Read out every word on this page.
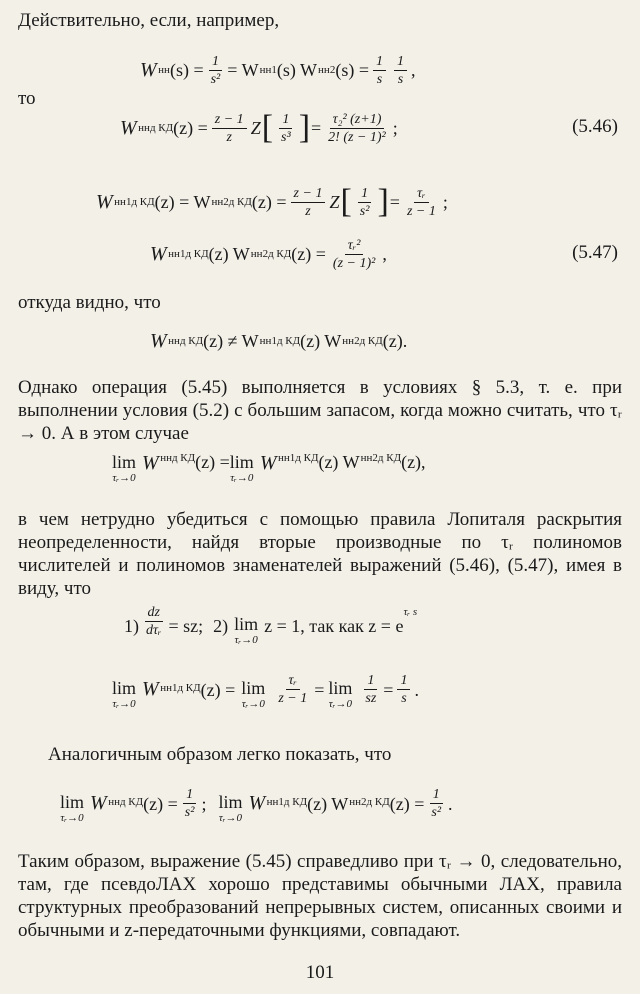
Действительно, если, например,
W нн $(s) = \frac{1}{\text{s²}} = W$ нн1 (s) W нн2 $(s) = \frac{1}{s} \frac{1}{s}$ ,
то
W ннд КД $(z) = \frac{z - 1}{z}$ Z [ $\frac{1}{\text{s³}}$ ] = $\frac{\text{τ₂² (z+1)}}{\text{2! (z − 1)²}}$ ;	(5.46)
W нн1д КД (z) = W нн2д КД $(z) = \frac{z - 1}{z}$ Z [ $\frac{1}{\text{s²}}$ ] = $\frac{\text{τᵣ}}{z - 1}$ ;
W нн1д КД (z) W нн2д КД $(z) = \frac{\text{τᵣ²}}{\text{(z − 1)²}}$ ,	(5.47)
откуда видно, что
W ннд КД (z) ≠ W нн1д КД (z) W нн2д КД (z).
Однако операция (5.45) выполняется в условиях § 5.3, т. е. при выполнении условия (5.2) с большим запасом, когда можно считать, что τᵣ → 0. А в этом случае
lim
τᵣ→0
W ннд КД (z) = lim
τᵣ→0
W нн1д КД (z) W нн2д КД (z),
в чем нетрудно убедиться с помощью правила Лопиталя раскрытия неопределенности, найдя вторые производные по τᵣ полиномов числителей и полиномов знаменателей выражений (5.46), (5.47), имея в виду, что
$1) \frac{dz}{\text{dτᵣ}}$ = sz; 2) lim
τᵣ→0
z = 1, так как z = e
τᵣ s
lim
τᵣ→0
W нн1д КД (z) = lim
τᵣ→0 $\frac{\text{τᵣ}}{z - 1} = \lim$
τᵣ→0 $\frac{1}{sz} = \frac{1}{s}$ .
Аналогичным образом легко показать, что
lim
τᵣ→0
W ннд КД $(z) = \frac{1}{\text{s²}}$ ; lim
τᵣ→0
W нн1д КД (z) W нн2д КД $(z) = \frac{1}{\text{s²}}$ .
Таким образом, выражение (5.45) справедливо при τᵣ → 0, следовательно, там, где псевдоЛАХ хорошо представимы обычными ЛАХ, правила структурных преобразований непрерывных систем, описанных своими и обычными и z-передаточными функциями, совпадают.
101
